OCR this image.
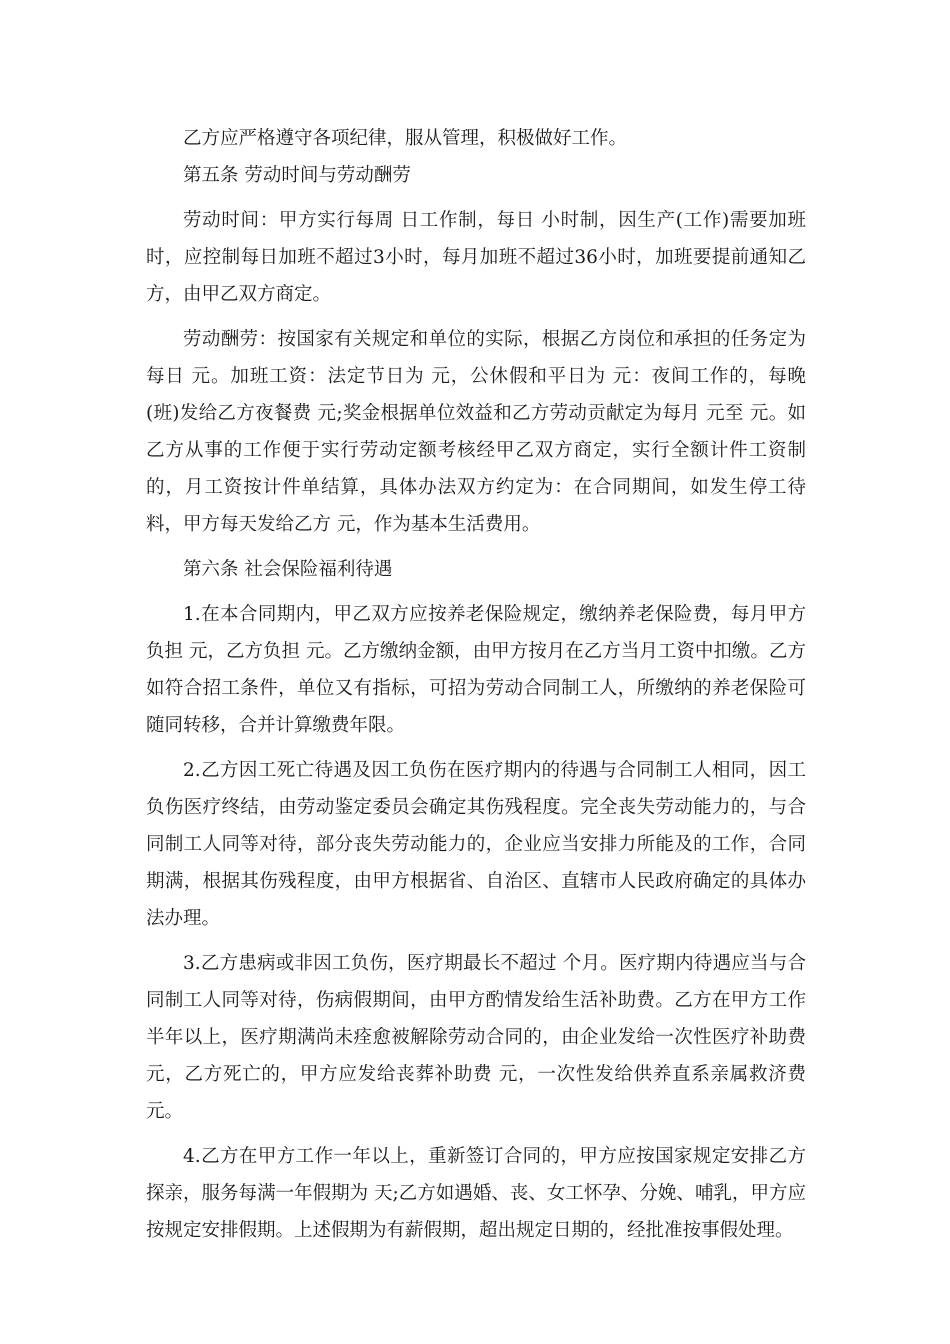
乙方应严格遵守各项纪律，服从管理，积极做好工作。

第五条 劳动时间与劳动酬劳

劳动时间：甲方实行每周 日工作制，每日 小时制，因生产(工作)需要加班时，应控制每日加班不超过3小时，每月加班不超过36小时，加班要提前通知乙方，由甲乙双方商定。

劳动酬劳：按国家有关规定和单位的实际，根据乙方岗位和承担的任务定为每日 元。加班工资：法定节日为 元，公休假和平日为 元：夜间工作的，每晚(班)发给乙方夜餐费 元;奖金根据单位效益和乙方劳动贡献定为每月 元至 元。如乙方从事的工作便于实行劳动定额考核经甲乙双方商定，实行全额计件工资制的，月工资按计件单结算，具体办法双方约定为：在合同期间，如发生停工待料，甲方每天发给乙方 元，作为基本生活费用。

第六条 社会保险福利待遇

1.在本合同期内，甲乙双方应按养老保险规定，缴纳养老保险费，每月甲方负担 元，乙方负担 元。乙方缴纳金额，由甲方按月在乙方当月工资中扣缴。乙方如符合招工条件，单位又有指标，可招为劳动合同制工人，所缴纳的养老保险可随同转移，合并计算缴费年限。

2.乙方因工死亡待遇及因工负伤在医疗期内的待遇与合同制工人相同，因工负伤医疗终结，由劳动鉴定委员会确定其伤残程度。完全丧失劳动能力的，与合同制工人同等对待，部分丧失劳动能力的，企业应当安排力所能及的工作，合同期满，根据其伤残程度，由甲方根据省、自治区、直辖市人民政府确定的具体办法办理。

3.乙方患病或非因工负伤，医疗期最长不超过 个月。医疗期内待遇应当与合同制工人同等对待，伤病假期间，由甲方酌情发给生活补助费。乙方在甲方工作半年以上，医疗期满尚未痊愈被解除劳动合同的，由企业发给一次性医疗补助费元，乙方死亡的，甲方应发给丧葬补助费 元，一次性发给供养直系亲属救济费 元。

4.乙方在甲方工作一年以上，重新签订合同的，甲方应按国家规定安排乙方探亲，服务每满一年假期为 天;乙方如遇婚、丧、女工怀孕、分娩、哺乳，甲方应按规定安排假期。上述假期为有薪假期，超出规定日期的，经批准按事假处理。
